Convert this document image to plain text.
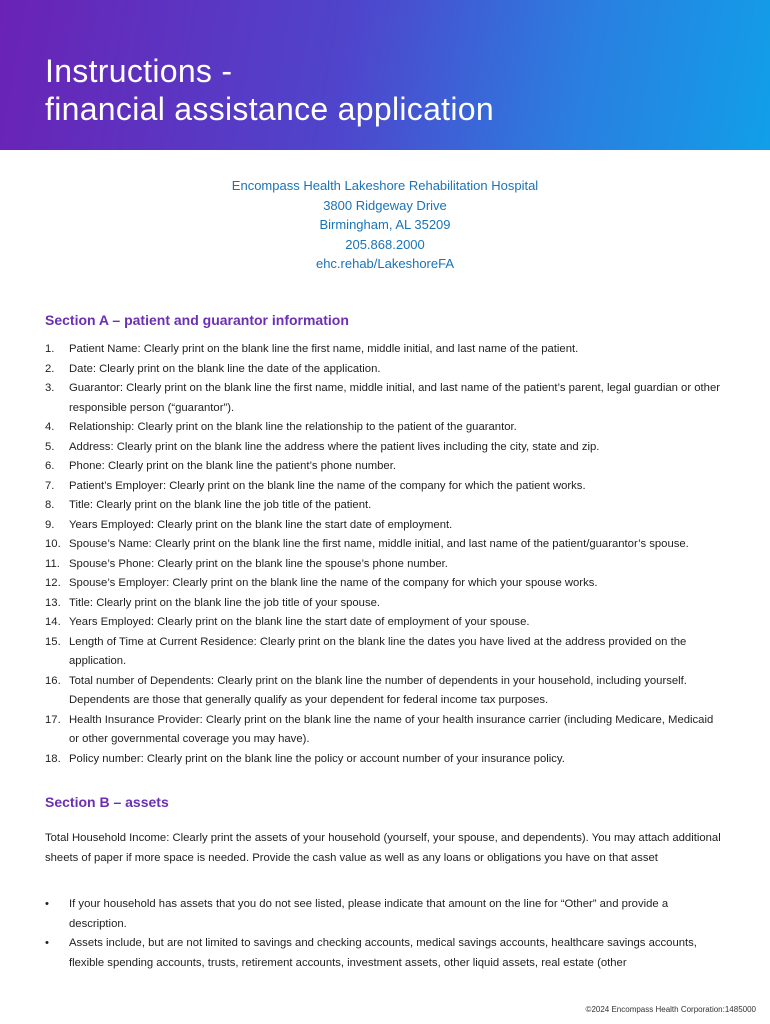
Instructions -
financial assistance application
Encompass Health Lakeshore Rehabilitation Hospital
3800 Ridgeway Drive
Birmingham, AL 35209
205.868.2000
ehc.rehab/LakeshoreFA
Section A – patient and guarantor information
1. Patient Name: Clearly print on the blank line the first name, middle initial, and last name of the patient.
2. Date: Clearly print on the blank line the date of the application.
3. Guarantor: Clearly print on the blank line the first name, middle initial, and last name of the patient’s parent, legal guardian or other responsible person (“guarantor”).
4. Relationship: Clearly print on the blank line the relationship to the patient of the guarantor.
5. Address: Clearly print on the blank line the address where the patient lives including the city, state and zip.
6. Phone: Clearly print on the blank line the patient’s phone number.
7. Patient’s Employer: Clearly print on the blank line the name of the company for which the patient works.
8. Title: Clearly print on the blank line the job title of the patient.
9. Years Employed: Clearly print on the blank line the start date of employment.
10. Spouse’s Name: Clearly print on the blank line the first name, middle initial, and last name of the patient/guarantor’s spouse.
11. Spouse’s Phone: Clearly print on the blank line the spouse’s phone number.
12. Spouse’s Employer: Clearly print on the blank line the name of the company for which your spouse works.
13. Title: Clearly print on the blank line the job title of your spouse.
14. Years Employed: Clearly print on the blank line the start date of employment of your spouse.
15. Length of Time at Current Residence: Clearly print on the blank line the dates you have lived at the address provided on the application.
16. Total number of Dependents: Clearly print on the blank line the number of dependents in your household, including yourself. Dependents are those that generally qualify as your dependent for federal income tax purposes.
17. Health Insurance Provider: Clearly print on the blank line the name of your health insurance carrier (including Medicare, Medicaid or other governmental coverage you may have).
18. Policy number: Clearly print on the blank line the policy or account number of your insurance policy.
Section B – assets

Total Household Income: Clearly print the assets of your household (yourself, your spouse, and dependents). You may attach additional sheets of paper if more space is needed. Provide the cash value as well as any loans or obligations you have on that asset

• If your household has assets that you do not see listed, please indicate that amount on the line for “Other” and provide a description.
• Assets include, but are not limited to savings and checking accounts, medical savings accounts, healthcare savings accounts, flexible spending accounts, trusts, retirement accounts, investment assets, other liquid assets, real estate (other
©2024 Encompass Health Corporation:1485000
